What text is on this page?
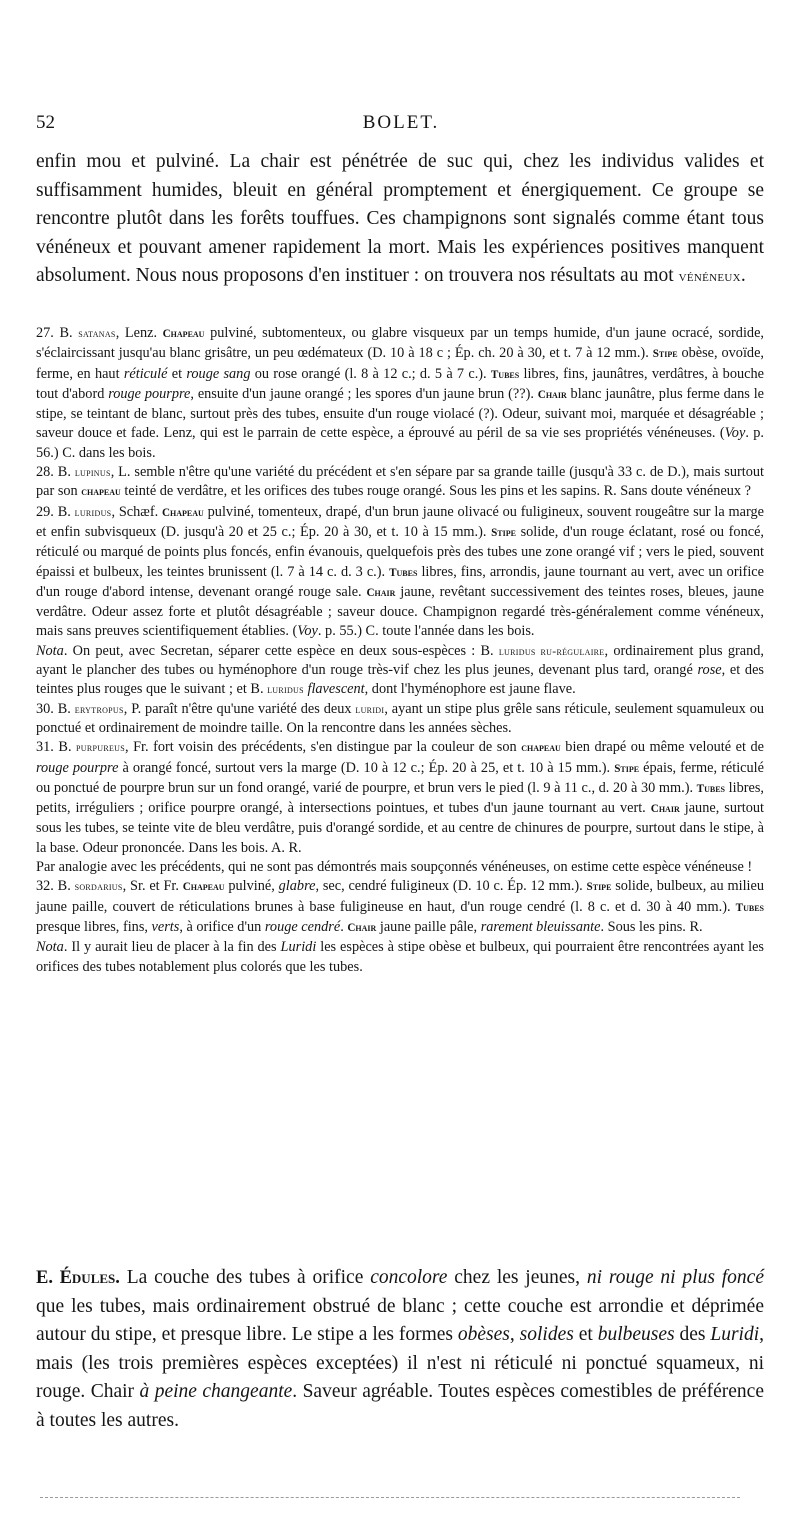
52	BOLET.

enfin mou et pulviné. La chair est pénétrée de suc qui, chez les individus valides et suffisamment humides, bleuit en général promptement et énergiquement. Ce groupe se rencontre plutôt dans les forêts touffues. Ces champignons sont signalés comme étant tous vénéneux et pouvant amener rapidement la mort. Mais les expériences positives manquent absolument. Nous nous proposons d'en instituer : on trouvera nos résultats au mot vénéneux.

27. B. satanas, Lenz. Chapeau pulviné, subtomenteux, ou glabre visqueux par un temps humide, d'un jaune ocracé, sordide, s'éclaircissant jusqu'au blanc grisâtre, un peu œdémateux (D. 10 à 18 c ; Ép. ch. 20 à 30, et t. 7 à 12 mm.). Stipe obèse, ovoïde, ferme, en haut réticulé et rouge sang ou rose orangé (l. 8 à 12 c.; d. 5 à 7 c.). Tubes libres, fins, jaunâtres, verdâtres, à bouche tout d'abord rouge pourpre, ensuite d'un jaune orangé ; les spores d'un jaune brun (??). Chair blanc jaunâtre, plus ferme dans le stipe, se teintant de blanc, surtout près des tubes, ensuite d'un rouge violacé (?). Odeur, suivant moi, marquée et désagréable ; saveur douce et fade. Lenz, qui est le parrain de cette espèce, a éprouvé au péril de sa vie ses propriétés vénéneuses. (Voy. p. 56.) C. dans les bois.

28. B. lupinus, L. semble n'être qu'une variété du précédent et s'en sépare par sa grande taille (jusqu'à 33 c. de D.), mais surtout par son chapeau teinté de verdâtre, et les orifices des tubes rouge orangé. Sous les pins et les sapins. R. Sans doute vénéneux ?

29. B. luridus, Schæf. Chapeau pulviné, tomenteux, drapé, d'un brun jaune olivacé ou fuligineux, souvent rougeâtre sur la marge et enfin subvisqueux (D. jusqu'à 20 et 25 c.; Ép. 20 à 30, et t. 10 à 15 mm.). Stipe solide, d'un rouge éclatant, rosé ou foncé, réticulé ou marqué de points plus foncés, enfin évanouis, quelquefois près des tubes une zone orangé vif ; vers le pied, souvent épaissi et bulbeux, les teintes brunissent (l. 7 à 14 c. d. 3 c.). Tubes libres, fins, arrondis, jaune tournant au vert, avec un orifice d'un rouge d'abord intense, devenant orangé rouge sale. Chair jaune, revêtant successivement des teintes roses, bleues, jaune verdâtre. Odeur assez forte et plutôt désagréable ; saveur douce. Champignon regardé très-généralement comme vénéneux, mais sans preuves scientifiquement établies. (Voy. p. 55.) C. toute l'année dans les bois.

Nota. On peut, avec Secretan, séparer cette espèce en deux sous-espèces : B. luridus ru-régulaire, ordinairement plus grand, ayant le plancher des tubes ou hyménophore d'un rouge très-vif chez les plus jeunes, devenant plus tard, orangé rose, et des teintes plus rouges que le suivant ; et B. luridus flavescent, dont l'hyménophore est jaune flave.

30. B. erytropus, P. paraît n'être qu'une variété des deux luridi, ayant un stipe plus grêle sans réticule, seulement squamuleux ou ponctué et ordinairement de moindre taille. On la rencontre dans les années sèches.

31. B. purpureus, Fr. fort voisin des précédents, s'en distingue par la couleur de son chapeau bien drapé ou même velouté et de rouge pourpre à orangé foncé, surtout vers la marge (D. 10 à 12 c.; Ép. 20 à 25, et t. 10 à 15 mm.). Stipe épais, ferme, réticulé ou ponctué de pourpre brun sur un fond orangé, varié de pourpre, et brun vers le pied (l. 9 à 11 c., d. 20 à 30 mm.). Tubes libres, petits, irréguliers ; orifice pourpre orangé, à intersections pointues, et tubes d'un jaune tournant au vert. Chair jaune, surtout sous les tubes, se teinte vite de bleu verdâtre, puis d'orangé sordide, et au centre de chinures de pourpre, surtout dans le stipe, à la base. Odeur prononcée. Dans les bois. A. R.

Par analogie avec les précédents, qui ne sont pas démontrés mais soupçonnés vénéneuses, on estime cette espèce vénéneuse !

32. B. sordarius, Sr. et Fr. Chapeau pulviné, glabre, sec, cendré fuligineux (D. 10 c. Ép. 12 mm.). Stipe solide, bulbeux, au milieu jaune paille, couvert de réticulations brunes à base fuligineuse en haut, d'un rouge cendré (l. 8 c. et d. 30 à 40 mm.). Tubes presque libres, fins, verts, à orifice d'un rouge cendré. Chair jaune paille pâle, rarement bleuissante. Sous les pins. R.

Nota. Il y aurait lieu de placer à la fin des Luridi les espèces à stipe obèse et bulbeux, qui pourraient être rencontrées ayant les orifices des tubes notablement plus colorés que les tubes.

E. Édules. La couche des tubes à orifice concolore chez les jeunes, ni rouge ni plus foncé que les tubes, mais ordinairement obstrué de blanc ; cette couche est arrondie et déprimée autour du stipe, et presque libre. Le stipe a les formes obèses, solides et bulbeuses des Luridi, mais (les trois premières espèces exceptées) il n'est ni réticulé ni ponctué squameux, ni rouge. Chair à peine changeante. Saveur agréable. Toutes espèces comestibles de préférence à toutes les autres.
